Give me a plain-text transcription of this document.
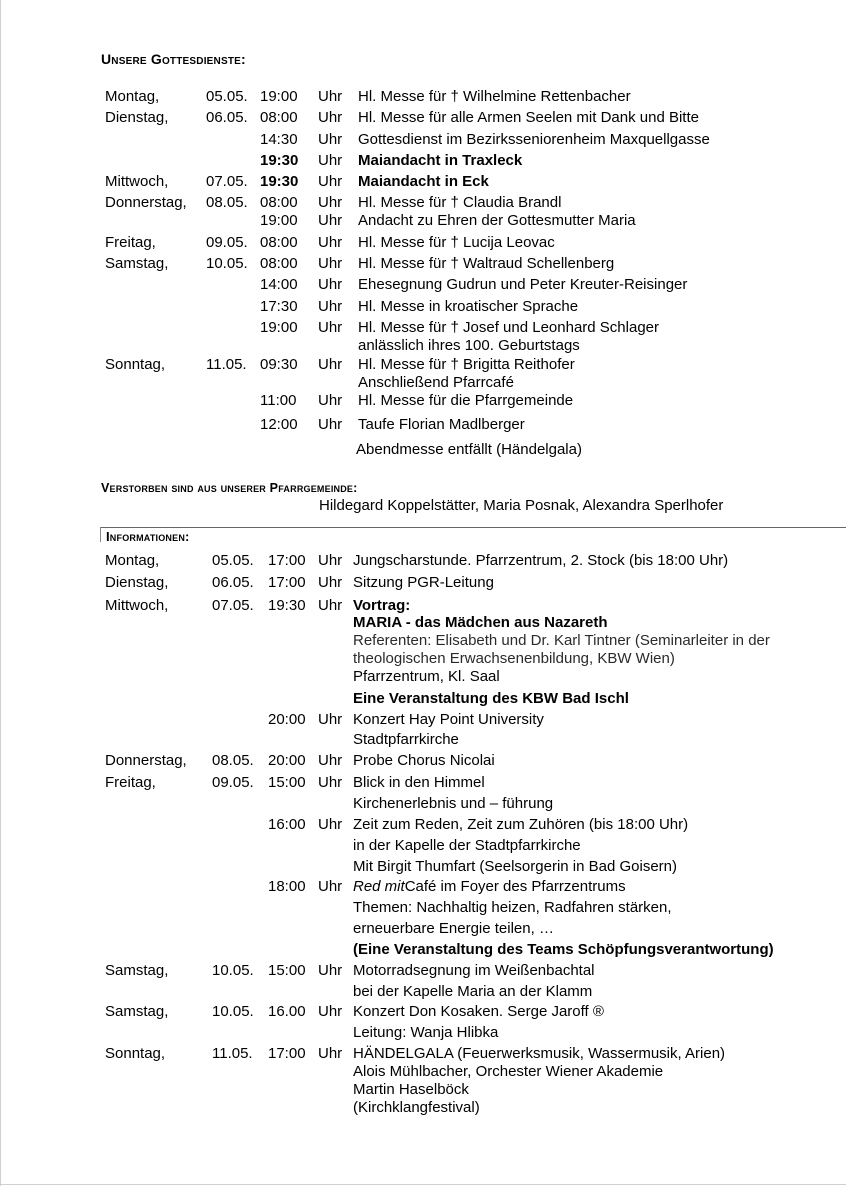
Unsere Gottesdienste:
Montag,	05.05. 19:00 Uhr Hl. Messe für † Wilhelmine Rettenbacher
Dienstag,	06.05. 08:00 Uhr Hl. Messe für alle Armen Seelen mit Dank und Bitte
14:30 Uhr Gottesdienst im Bezirksseniorenheim Maxquellgasse
19:30 Uhr Maiandacht in Traxleck
Mittwoch,	07.05. 19:30 Uhr Maiandacht in Eck
Donnerstag, 08.05. 08:00 Uhr Hl. Messe für † Claudia Brandl
19:00 Uhr Andacht zu Ehren der Gottesmutter Maria
Freitag,	09.05. 08:00 Uhr Hl. Messe für † Lucija Leovac
Samstag,	10.05. 08:00 Uhr Hl. Messe für † Waltraud Schellenberg
14:00 Uhr Ehesegnung Gudrun und Peter Kreuter-Reisinger
17:30 Uhr Hl. Messe in kroatischer Sprache
19:00 Uhr Hl. Messe für † Josef und Leonhard Schlager
anlässlich ihres 100. Geburtstags
Sonntag,	11.05. 09:30 Uhr Hl. Messe für † Brigitta Reithofer
Anschließend Pfarrcafé
11:00 Uhr Hl. Messe für die Pfarrgemeinde
12:00 Uhr Taufe Florian Madlberger
Abendmesse entfällt (Händelgala)
Verstorben sind aus unserer Pfarrgemeinde:
Hildegard Koppelstätter, Maria Posnak, Alexandra Sperlhofer
Informationen:
Montag,	05.05. 17:00 Uhr Jungscharstunde. Pfarrzentrum, 2. Stock (bis 18:00 Uhr)
Dienstag,	06.05. 17:00 Uhr Sitzung PGR-Leitung
Mittwoch,	07.05. 19:30 Uhr Vortrag:
MARIA - das Mädchen aus Nazareth
Referenten: Elisabeth und Dr. Karl Tintner (Seminarleiter in der
theologischen Erwachsenenbildung, KBW Wien)
Pfarrzentrum, Kl. Saal
Eine Veranstaltung des KBW Bad Ischl
20:00 Uhr Konzert Hay Point University
Stadtpfarrkirche
Donnerstag, 08.05. 20:00 Uhr Probe Chorus Nicolai
Freitag,	09.05. 15:00 Uhr Blick in den Himmel
Kirchenerlebnis und – führung
16:00 Uhr Zeit zum Reden, Zeit zum Zuhören (bis 18:00 Uhr)
in der Kapelle der Stadtpfarrkirche
Mit Birgit Thumfart (Seelsorgerin in Bad Goisern)
18:00 Uhr Red mit Café im Foyer des Pfarrzentrums
Themen: Nachhaltig heizen, Radfahren stärken,
erneuerbare Energie teilen, …
(Eine Veranstaltung des Teams Schöpfungsverantwortung)
Samstag,	10.05. 15:00 Uhr Motorradsegnung im Weißenbachtal
bei der Kapelle Maria an der Klamm
Samstag,	10.05. 16.00 Uhr Konzert Don Kosaken. Serge Jaroff ®
Leitung: Wanja Hlibka
Sonntag,	11.05. 17:00 Uhr HÄNDELGALA (Feuerwerksmusik, Wassermusik, Arien)
Alois Mühlbacher, Orchester Wiener Akademie
Martin Haselböck
(Kirchklangfestival)
